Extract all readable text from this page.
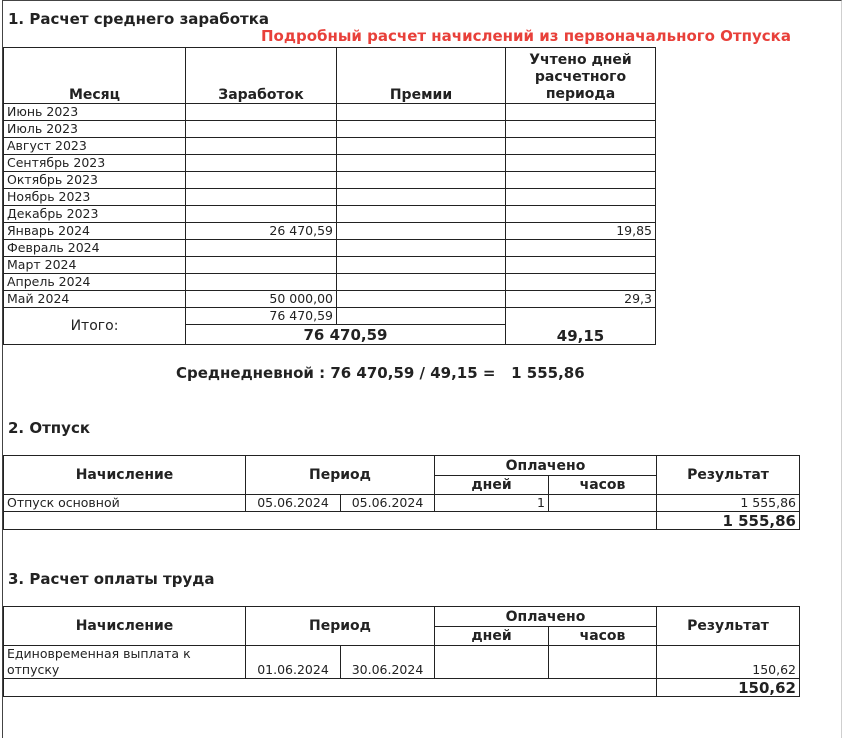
1. Расчет среднего заработка
Подробный расчет начислений из первоначального Отпуска
Месяц	Заработок	Премии	Учтено дней расчетного периода
Июнь 2023			
Июль 2023			
Август 2023			
Сентябрь 2023			
Октябрь 2023			
Ноябрь 2023			
Декабрь 2023			
Январь 2024	26 470,59		19,85
Февраль 2024			
Март 2024			
Апрель 2024			
Май 2024	50 000,00		29,3
Итого:	76 470,59		49,15
	76 470,59		
Среднедневной : 76 470,59 / 49,15 =   1 555,86
2. Отпуск
Начисление	Период		Оплачено		Результат
			дней	часов	
Отпуск основной	05.06.2024	05.06.2024	1		1 555,86
					1 555,86
3. Расчет оплаты труда
Начисление	Период		Оплачено		Результат
			дней	часов	
Единовременная выплата к
отпуску	01.06.2024	30.06.2024			150,62
					150,62
